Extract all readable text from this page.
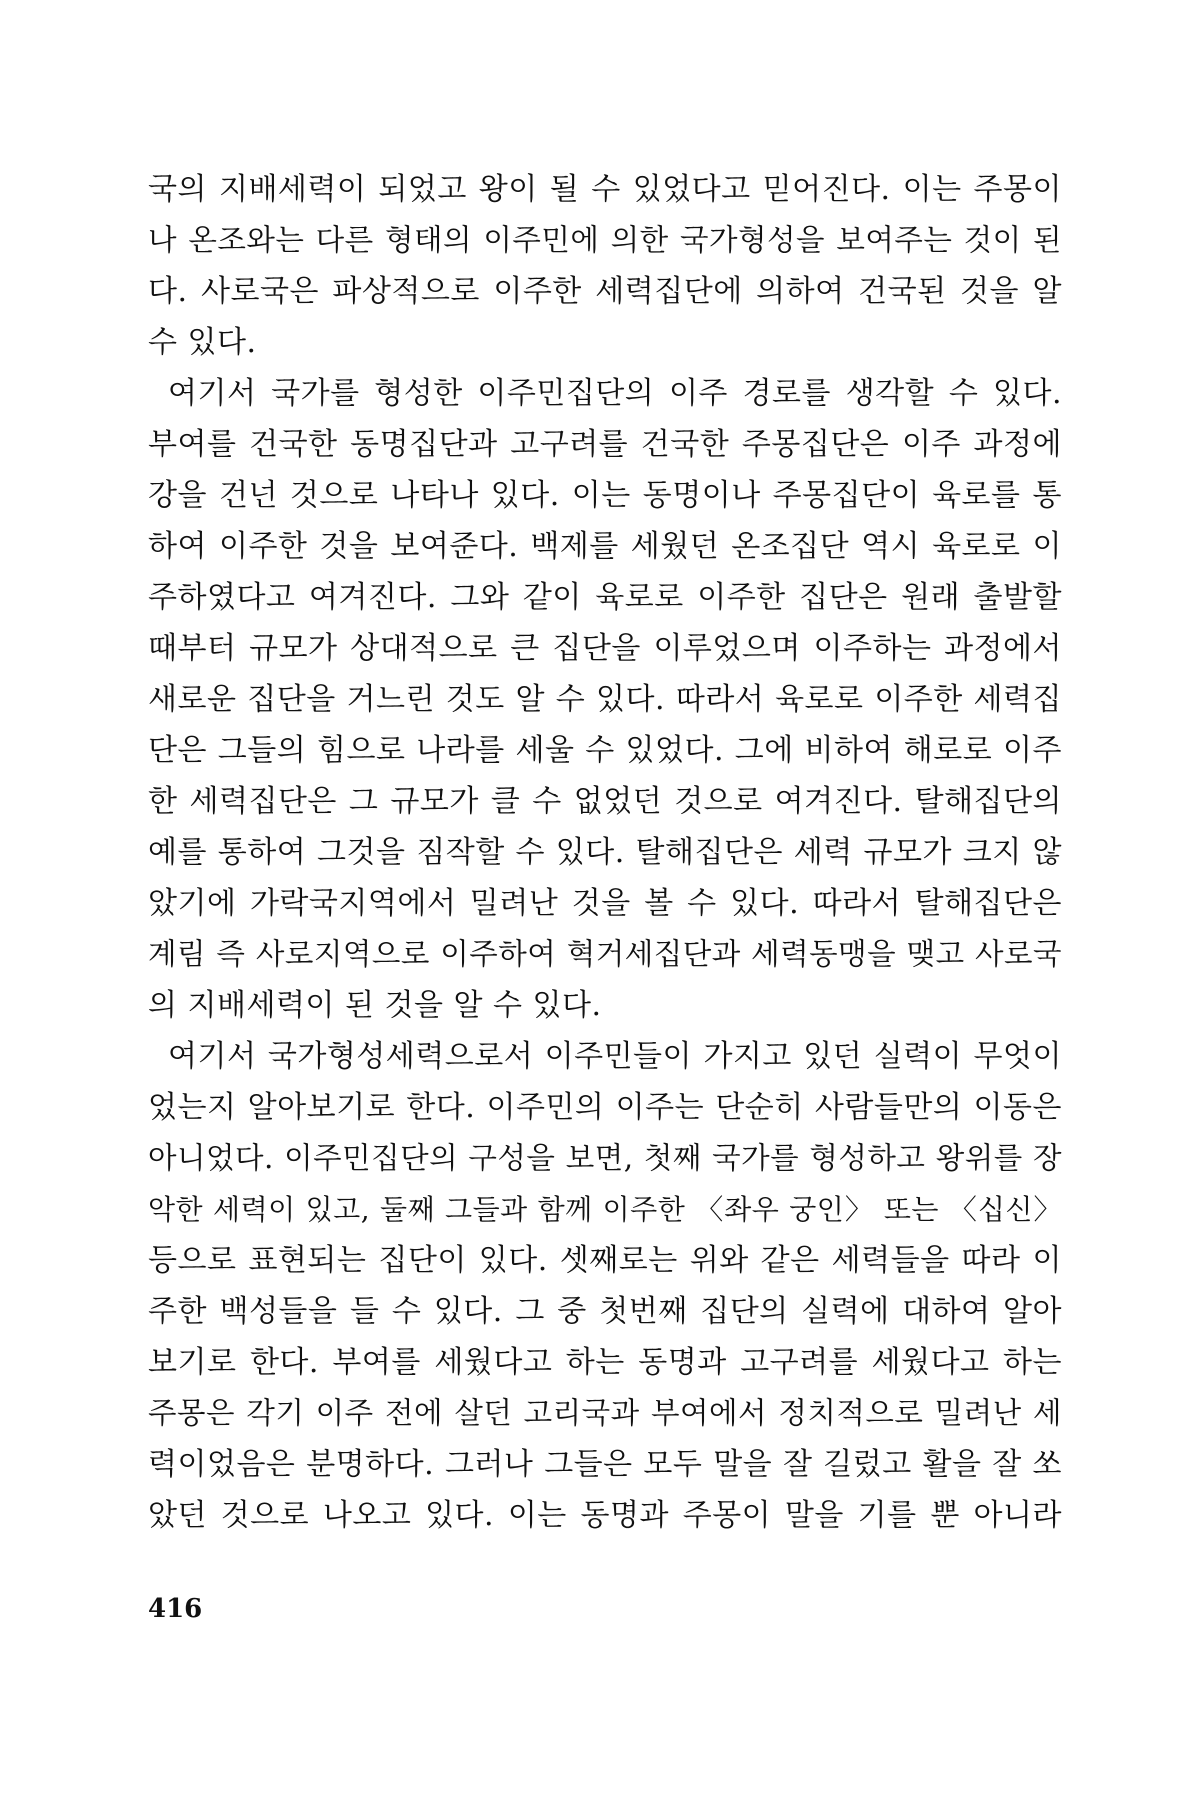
국의 지배세력이 되었고 왕이 될 수 있었다고 믿어진다. 이는 주몽이
나 온조와는 다른 형태의 이주민에 의한 국가형성을 보여주는 것이 된
다. 사로국은 파상적으로 이주한 세력집단에 의하여 건국된 것을 알
수 있다.
여기서 국가를 형성한 이주민집단의 이주 경로를 생각할 수 있다.
부여를 건국한 동명집단과 고구려를 건국한 주몽집단은 이주 과정에
강을 건넌 것으로 나타나 있다. 이는 동명이나 주몽집단이 육로를 통
하여 이주한 것을 보여준다. 백제를 세웠던 온조집단 역시 육로로 이
주하였다고 여겨진다. 그와 같이 육로로 이주한 집단은 원래 출발할
때부터 규모가 상대적으로 큰 집단을 이루었으며 이주하는 과정에서
새로운 집단을 거느린 것도 알 수 있다. 따라서 육로로 이주한 세력집
단은 그들의 힘으로 나라를 세울 수 있었다. 그에 비하여 해로로 이주
한 세력집단은 그 규모가 클 수 없었던 것으로 여겨진다. 탈해집단의
예를 통하여 그것을 짐작할 수 있다. 탈해집단은 세력 규모가 크지 않
았기에 가락국지역에서 밀려난 것을 볼 수 있다. 따라서 탈해집단은
계림 즉 사로지역으로 이주하여 혁거세집단과 세력동맹을 맺고 사로국
의 지배세력이 된 것을 알 수 있다.
여기서 국가형성세력으로서 이주민들이 가지고 있던 실력이 무엇이
었는지 알아보기로 한다. 이주민의 이주는 단순히 사람들만의 이동은
아니었다. 이주민집단의 구성을 보면, 첫째 국가를 형성하고 왕위를 장
악한 세력이 있고, 둘째 그들과 함께 이주한 〈좌우 궁인〉 또는 〈십신〉
등으로 표현되는 집단이 있다. 셋째로는 위와 같은 세력들을 따라 이
주한 백성들을 들 수 있다. 그 중 첫번째 집단의 실력에 대하여 알아
보기로 한다. 부여를 세웠다고 하는 동명과 고구려를 세웠다고 하는
주몽은 각기 이주 전에 살던 고리국과 부여에서 정치적으로 밀려난 세
력이었음은 분명하다. 그러나 그들은 모두 말을 잘 길렀고 활을 잘 쏘
았던 것으로 나오고 있다. 이는 동명과 주몽이 말을 기를 뿐 아니라
416
